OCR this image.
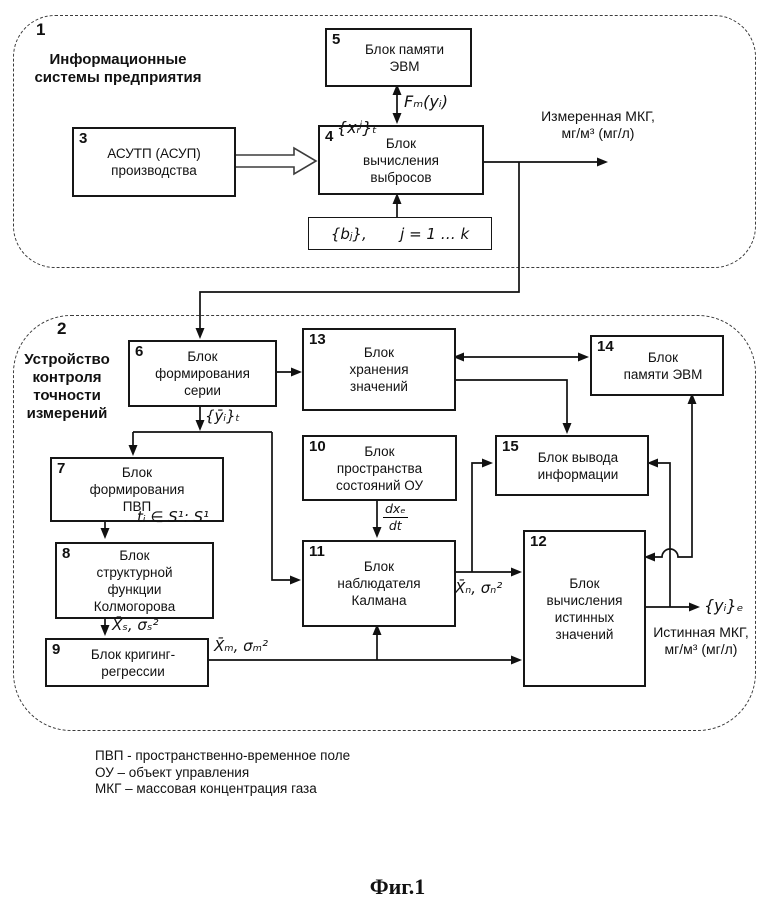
1
Информационные
системы предприятия
2
Устройство
контроля
точности
измерений
3
АСУТП (АСУП)
производства
4	Блок
вычисления
выбросов
5
Блок памяти
ЭВМ
{bⱼ},       j = 1 … k
6	Блок
формирования
серии
13
Блок
хранения
значений
14
Блок
памяти ЭВМ
7	Блок
формирования
ПВП
10	Блок
пространства
состояний ОУ
15
Блок вывода
информации
8	Блок
структурной
функции
Колмогорова
11
Блок
наблюдателя
Калмана
12
Блок
вычисления
истинных
значений
9	Блок кригинг-
регрессии
{xᵢʲ}ₜ
Fₘ(yᵢ)
Измеренная МКГ,
мг/м³ (мг/л)
{ȳᵢ}ₜ
tᵢ ∈ S¹: S¹
X̄ₛ, σₛ²
X̄ₘ, σₘ²
X̄ₙ, σₙ²
{yᵢ}ₑ
Истинная МКГ,
мг/м³ (мг/л)
dxₑ
dt
ПВП - пространственно-временное поле
ОУ – объект управления
МКГ – массовая концентрация газа
Фиг.1
